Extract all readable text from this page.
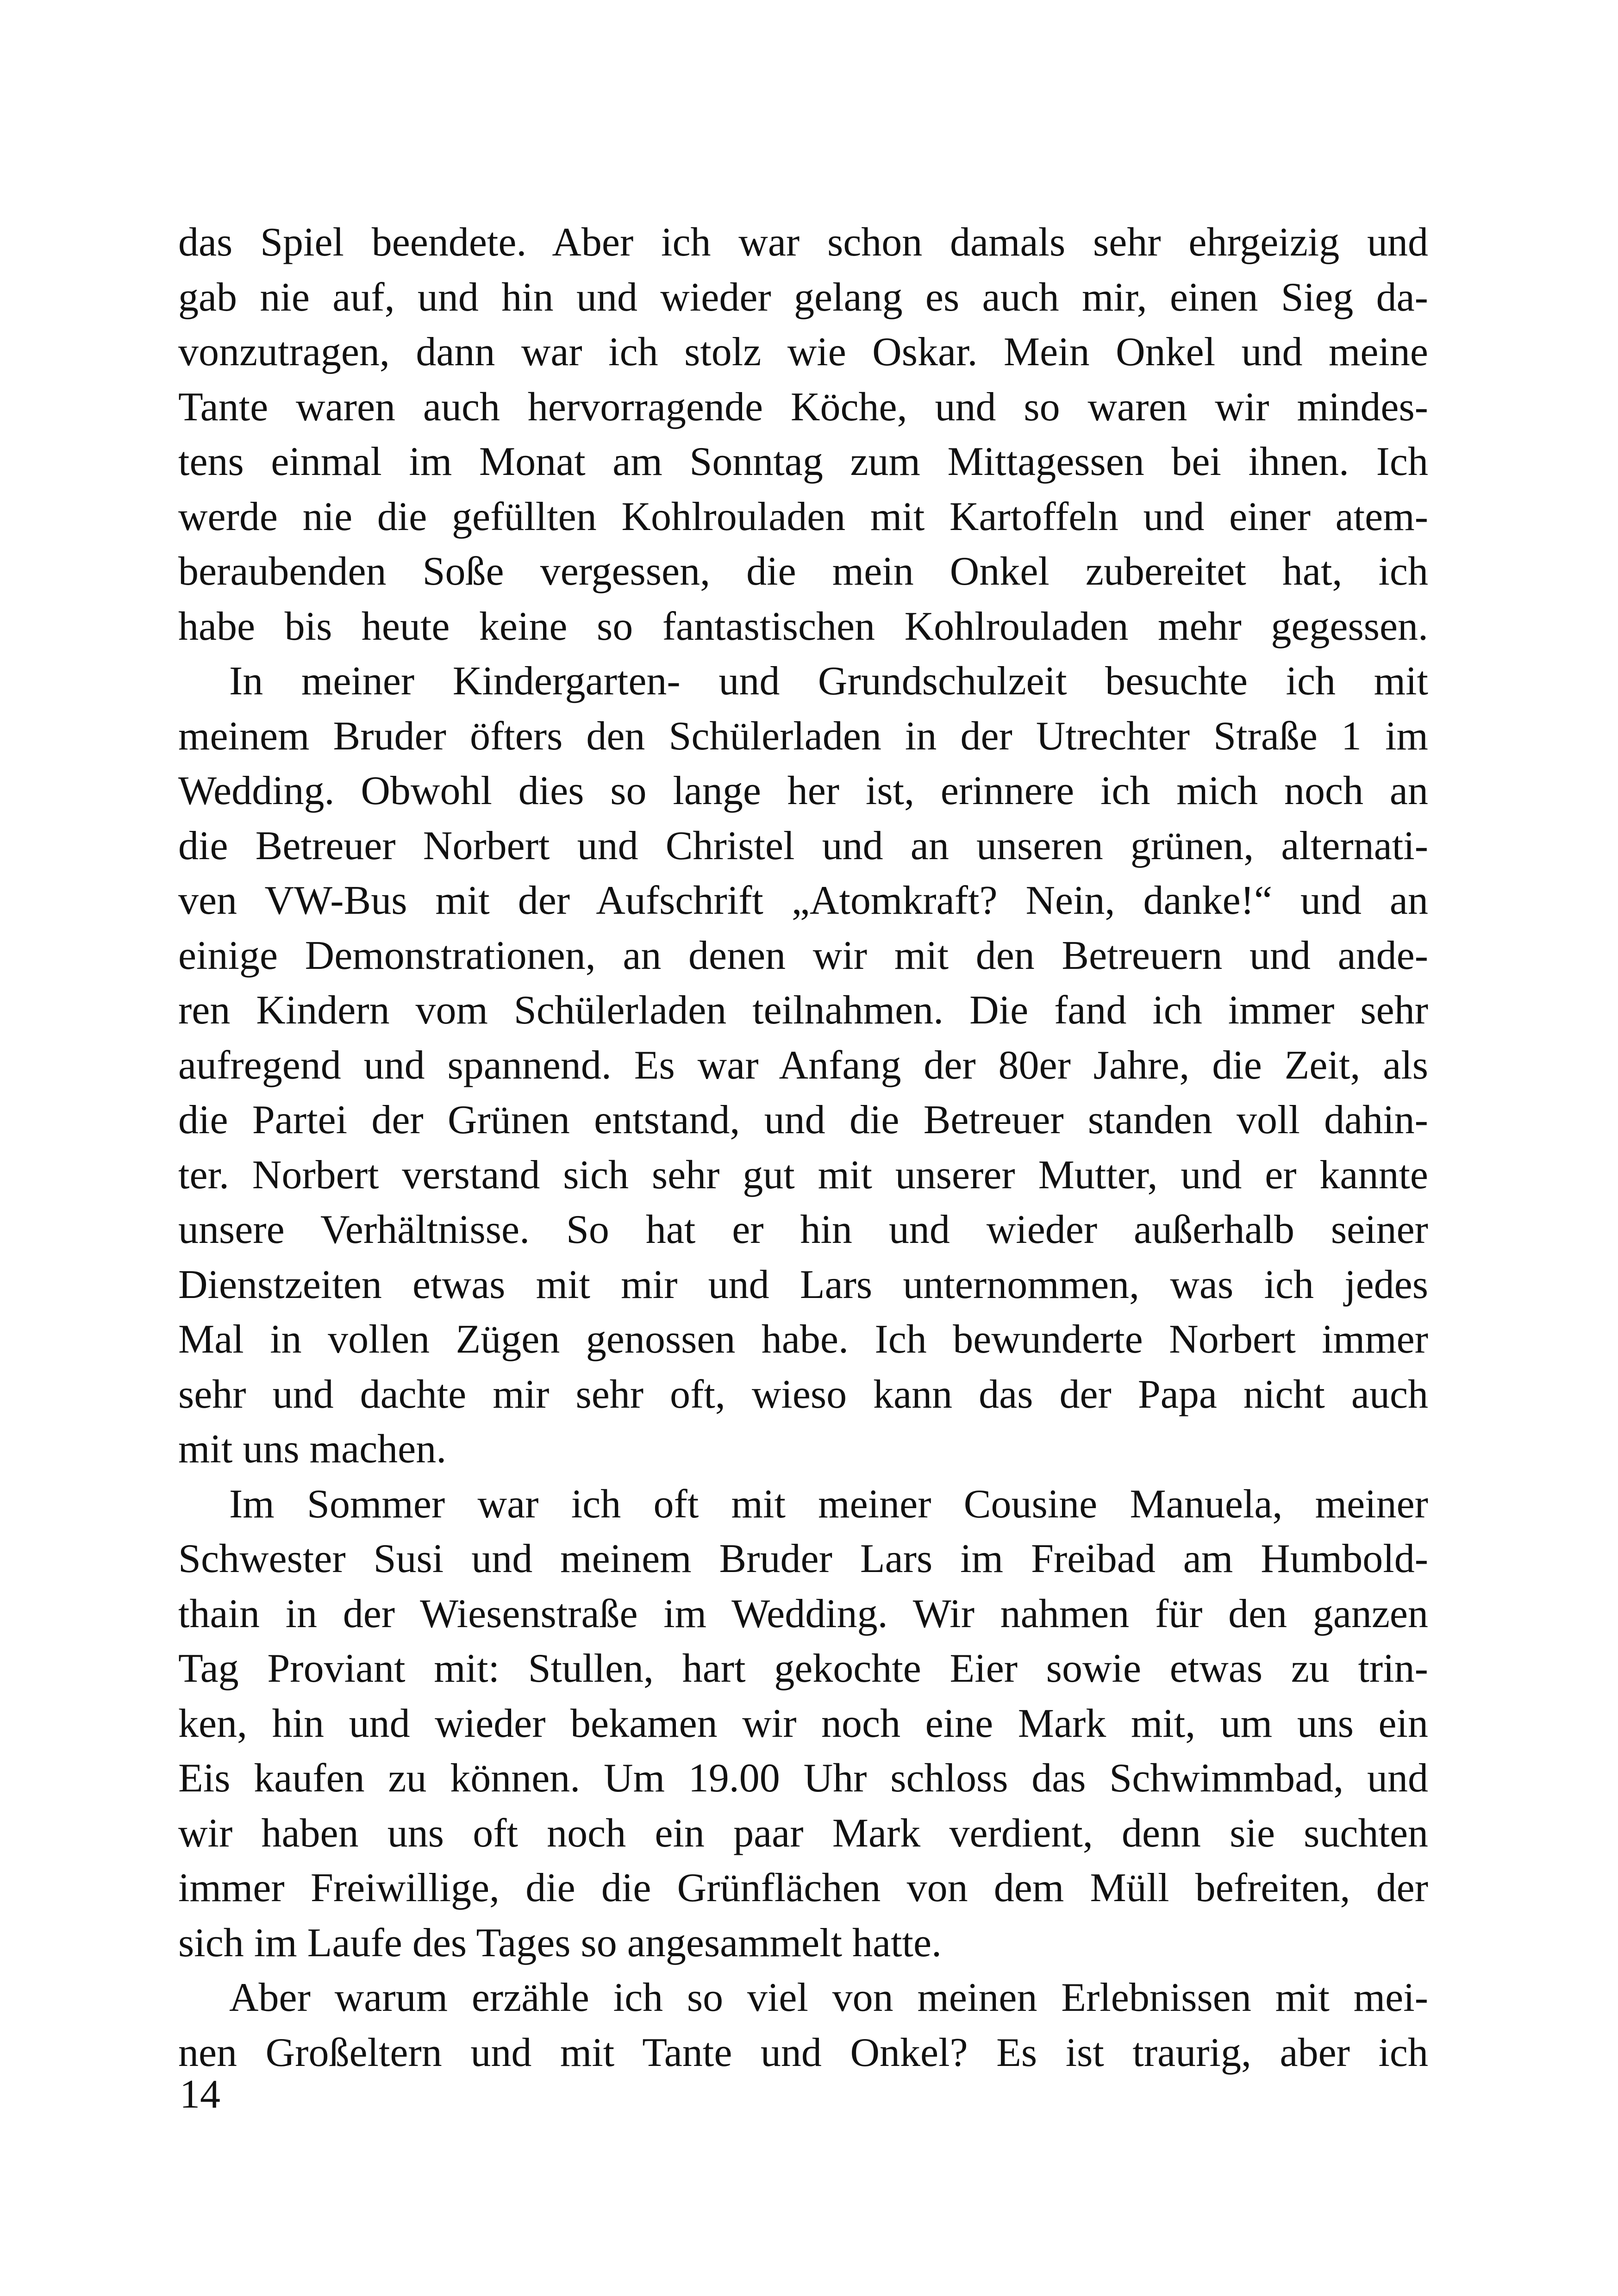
das Spiel beendete. Aber ich war schon damals sehr ehrgeizig und
gab nie auf, und hin und wieder gelang es auch mir, einen Sieg da-
vonzutragen, dann war ich stolz wie Oskar. Mein Onkel und meine
Tante waren auch hervorragende Köche, und so waren wir mindes-
tens einmal im Monat am Sonntag zum Mittagessen bei ihnen. Ich
werde nie die gefüllten Kohlrouladen mit Kartoffeln und einer atem-
beraubenden Soße vergessen, die mein Onkel zubereitet hat, ich
habe bis heute keine so fantastischen Kohlrouladen mehr gegessen.
In meiner Kindergarten- und Grundschulzeit besuchte ich mit
meinem Bruder öfters den Schülerladen in der Utrechter Straße 1 im
Wedding. Obwohl dies so lange her ist, erinnere ich mich noch an
die Betreuer Norbert und Christel und an unseren grünen, alternati-
ven VW-Bus mit der Aufschrift „Atomkraft? Nein, danke!“ und an
einige Demonstrationen, an denen wir mit den Betreuern und ande-
ren Kindern vom Schülerladen teilnahmen. Die fand ich immer sehr
aufregend und spannend. Es war Anfang der 80er Jahre, die Zeit, als
die Partei der Grünen entstand, und die Betreuer standen voll dahin-
ter. Norbert verstand sich sehr gut mit unserer Mutter, und er kannte
unsere Verhältnisse. So hat er hin und wieder außerhalb seiner
Dienstzeiten etwas mit mir und Lars unternommen, was ich jedes
Mal in vollen Zügen genossen habe. Ich bewunderte Norbert immer
sehr und dachte mir sehr oft, wieso kann das der Papa nicht auch
mit uns machen.
Im Sommer war ich oft mit meiner Cousine Manuela, meiner
Schwester Susi und meinem Bruder Lars im Freibad am Humbold-
thain in der Wiesenstraße im Wedding. Wir nahmen für den ganzen
Tag Proviant mit: Stullen, hart gekochte Eier sowie etwas zu trin-
ken, hin und wieder bekamen wir noch eine Mark mit, um uns ein
Eis kaufen zu können. Um 19.00 Uhr schloss das Schwimmbad, und
wir haben uns oft noch ein paar Mark verdient, denn sie suchten
immer Freiwillige, die die Grünflächen von dem Müll befreiten, der
sich im Laufe des Tages so angesammelt hatte.
Aber warum erzähle ich so viel von meinen Erlebnissen mit mei-
nen Großeltern und mit Tante und Onkel? Es ist traurig, aber ich
14
